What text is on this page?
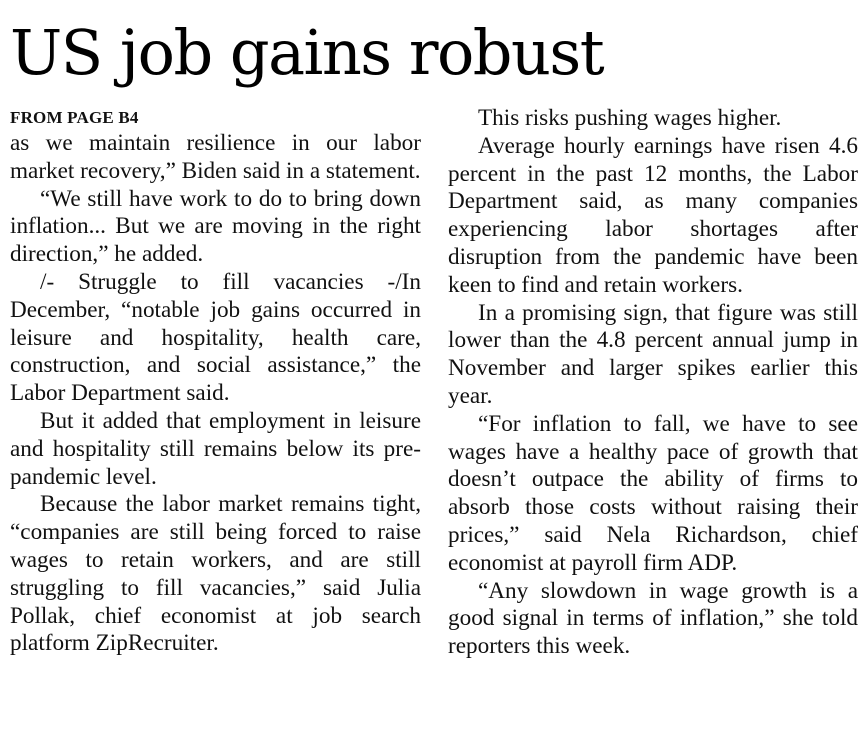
US job gains robust
FROM PAGE B4

as we maintain resilience in our labor market recovery,” Biden said in a statement.

“We still have work to do to bring down inflation... But we are moving in the right direction,” he added.

/- Struggle to fill vacancies -/In December, “notable job gains occurred in leisure and hospitality, health care, construction, and social assistance,” the Labor Department said.

But it added that employment in leisure and hospitality still remains below its pre-pandemic level.

Because the labor market remains tight, “companies are still being forced to raise wages to retain workers, and are still struggling to fill vacancies,” said Julia Pollak, chief economist at job search platform ZipRecruiter.

This risks pushing wages higher.

Average hourly earnings have risen 4.6 percent in the past 12 months, the Labor Department said, as many companies experiencing labor shortages after disruption from the pandemic have been keen to find and retain workers.

In a promising sign, that figure was still lower than the 4.8 percent annual jump in November and larger spikes earlier this year.

“For inflation to fall, we have to see wages have a healthy pace of growth that doesn’t outpace the ability of firms to absorb those costs without raising their prices,” said Nela Richardson, chief economist at payroll firm ADP.

“Any slowdown in wage growth is a good signal in terms of inflation,” she told reporters this week.
